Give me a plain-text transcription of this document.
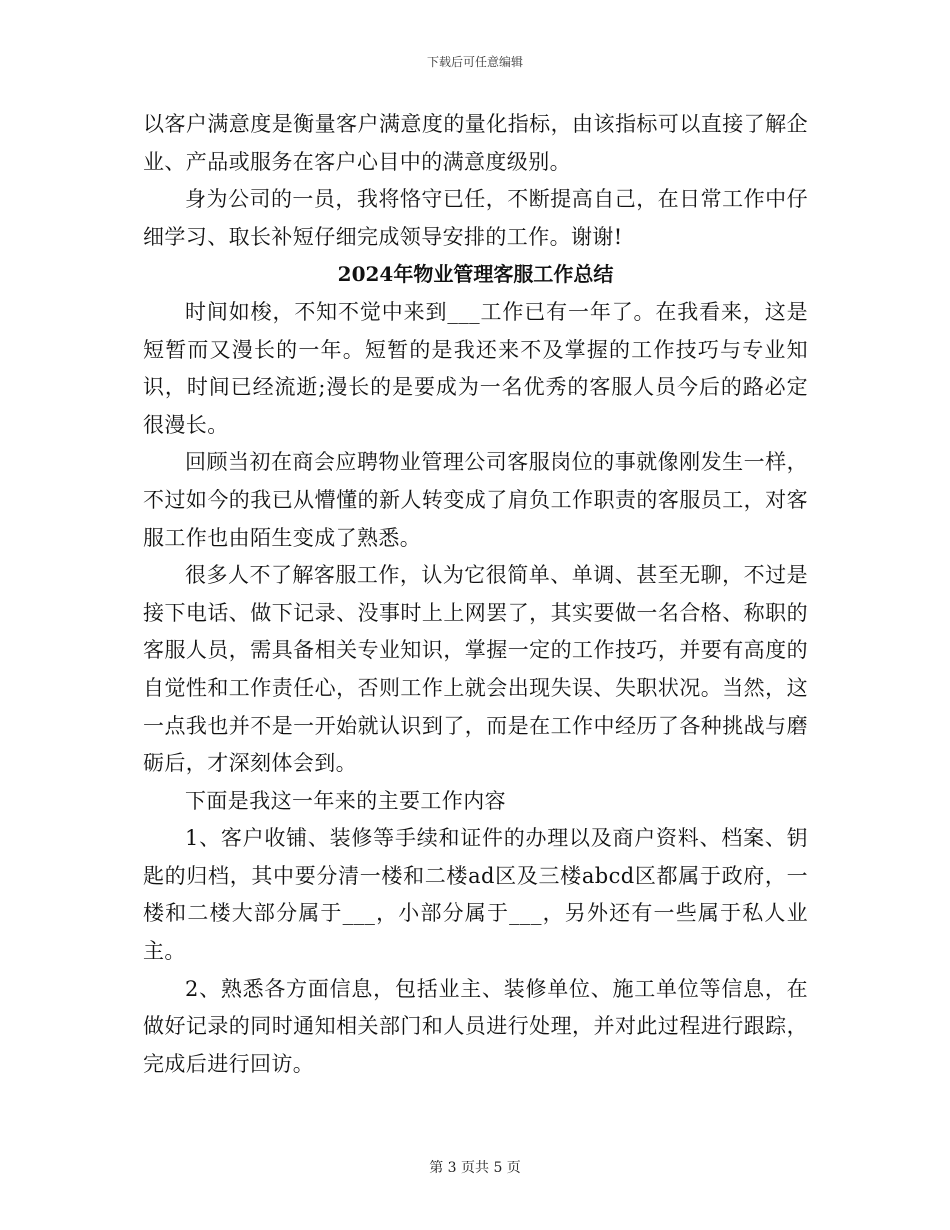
下载后可任意编辑

以客户满意度是衡量客户满意度的量化指标，由该指标可以直接了解企业、产品或服务在客户心目中的满意度级别。

身为公司的一员，我将恪守已任，不断提高自己，在日常工作中仔细学习、取长补短仔细完成领导安排的工作。谢谢!

2024年物业管理客服工作总结

时间如梭，不知不觉中来到___工作已有一年了。在我看来，这是短暂而又漫长的一年。短暂的是我还来不及掌握的工作技巧与专业知识，时间已经流逝;漫长的是要成为一名优秀的客服人员今后的路必定很漫长。

回顾当初在商会应聘物业管理公司客服岗位的事就像刚发生一样，不过如今的我已从懵懂的新人转变成了肩负工作职责的客服员工，对客服工作也由陌生变成了熟悉。

很多人不了解客服工作，认为它很简单、单调、甚至无聊，不过是接下电话、做下记录、没事时上上网罢了，其实要做一名合格、称职的客服人员，需具备相关专业知识，掌握一定的工作技巧，并要有高度的自觉性和工作责任心，否则工作上就会出现失误、失职状况。当然，这一点我也并不是一开始就认识到了，而是在工作中经历了各种挑战与磨砺后，才深刻体会到。

下面是我这一年来的主要工作内容

1、客户收铺、装修等手续和证件的办理以及商户资料、档案、钥匙的归档，其中要分清一楼和二楼ad区及三楼abcd区都属于政府，一楼和二楼大部分属于___，小部分属于___，另外还有一些属于私人业主。

2、熟悉各方面信息，包括业主、装修单位、施工单位等信息，在做好记录的同时通知相关部门和人员进行处理，并对此过程进行跟踪，完成后进行回访。

第 3 页共 5 页
